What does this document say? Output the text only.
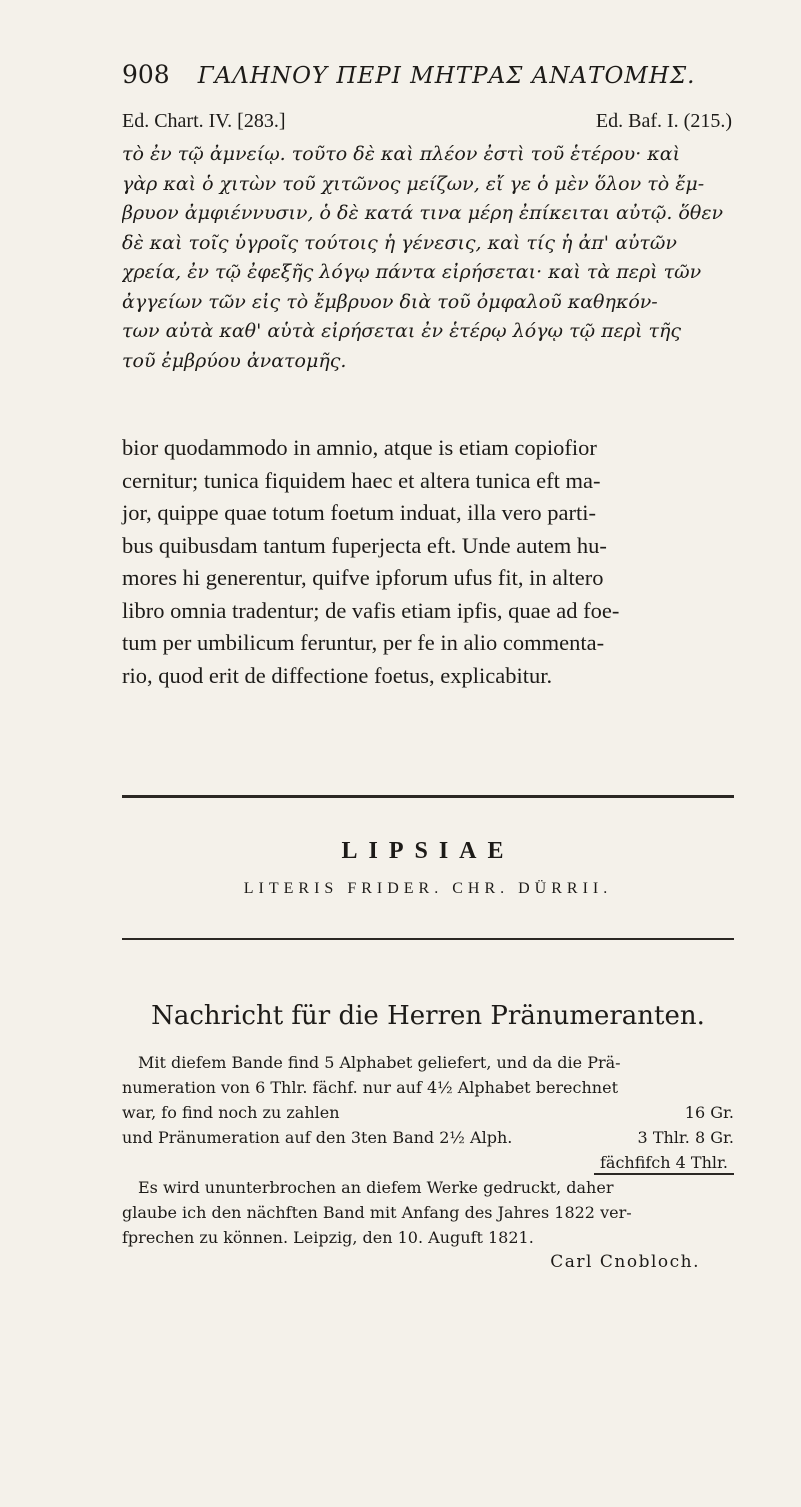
908 ΓΑΛΗΝΟΥ ΠΕΡΙ ΜΗΤΡΑΣ ΑΝΑΤΟΜΗΣ.
Ed. Chart. IV. [283.]	Ed. Baf. I. (215.)
τὸ ἐν τῷ ἀμνείῳ. τοῦτο δὲ καὶ πλέον ἐστὶ τοῦ ἑτέρου· καὶ
γὰρ καὶ ὁ χιτὼν τοῦ χιτῶνος μείζων, εἴ γε ὁ μὲν ὅλον τὸ ἔμ-
βρυον ἀμφιέννυσιν, ὁ δὲ κατά τινα μέρη ἐπίκειται αὐτῷ. ὅθεν
δὲ καὶ τοῖς ὑγροῖς τούτοις ἡ γένεσις, καὶ τίς ἡ ἀπ' αὐτῶν
χρεία, ἐν τῷ ἐφεξῆς λόγῳ πάντα εἰρήσεται· καὶ τὰ περὶ τῶν
ἀγγείων τῶν εἰς τὸ ἔμβρυον διὰ τοῦ ὀμφαλοῦ καθηκόν-
των αὐτὰ καθ' αὑτὰ εἰρήσεται ἐν ἑτέρῳ λόγῳ τῷ περὶ τῆς
τοῦ ἐμβρύου ἀνατομῆς.
bior quodammodo in amnio, atque is etiam copiofior
cernitur; tunica fiquidem haec et altera tunica eft ma-
jor, quippe quae totum foetum induat, illa vero parti-
bus quibusdam tantum fuperjecta eft. Unde autem hu-
mores hi generentur, quifve ipforum ufus fit, in altero
libro omnia tradentur; de vafis etiam ipfis, quae ad foe-
tum per umbilicum feruntur, per fe in alio commenta-
rio, quod erit de diffectione foetus, explicabitur.
LIPSIAE
LITERIS FRIDER. CHR. DÜRRII.
Nachricht für die Herren Pränumeranten.
Mit diefem Bande find 5 Alphabet geliefert, und da die Prä-
numeration von 6 Thlr. fächf. nur auf 4½ Alphabet berechnet
war, fo find noch zu zahlen	16 Gr.
und Pränumeration auf den 3ten Band 2½ Alph.	3 Thlr. 8 Gr.
fächfifch 4 Thlr.
Es wird ununterbrochen an diefem Werke gedruckt, daher
glaube ich den nächften Band mit Anfang des Jahres 1822 ver-
fprechen zu können. Leipzig, den 10. Auguft 1821.
Carl Cnobloch.
